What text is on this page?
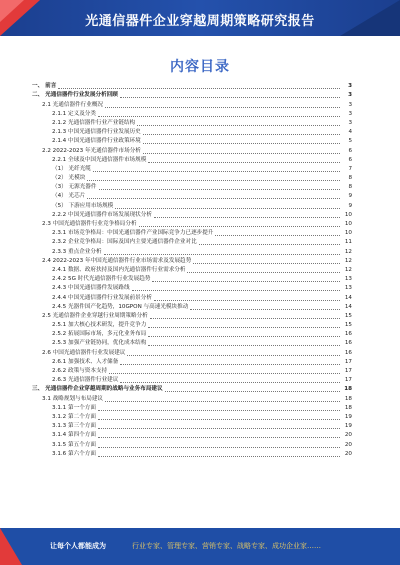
光通信器件企业穿越周期策略研究报告
内容目录
一、 前言	3
二、 光通信器件行业发展分析回顾	3
2.1 光通信器件行业概况	3
2.1.1 定义及分类	3
2.1.2 光通信器件行业产业链结构	3
2.1.3 中国光通信器件行业发展历史	4
2.1.4 中国光通信器件行业政策环境	5
2.2 2022-2023 年光通信器件市场分析	6
2.2.1 全球及中国光通信器件市场规模	6
（1） 光纤光缆	7
（2） 光模块	8
（3） 无源光器件	8
（4） 光芯片	9
（5） 下游应用市场规模	9
2.2.2 中国光通信器件市场发展现状分析	10
2.3 中国光通信器件行业竞争格局分析	10
2.3.1 市场竞争格局：中国光通信器件产业国际竞争力已逐步提升	10
2.3.2 企业竞争格局：国际及国内主要光通信器件企业对比	11
2.3.3 重点企业分析	12
2.4 2022-2023 年中国光通信器件行业市场需求及发展趋势	12
2.4.1 数据、政府扶持及国内光通信器件行业需求分析	12
2.4.2 5G 时代光通信器件行业发展趋势	13
2.4.3 中国光通信器件发展路线	13
2.4.4 中国光通信器件行业发展前景分析	14
2.4.5 光器件国产化趋势，10GPON 与高速光模块推动	14
2.5 光通信器件企业穿越行业周期策略分析	15
2.5.1 加大核心技术研发，提升竞争力	15
2.5.2 拓展国际市场，多元化业务布局	16
2.5.3 加强产业链协同，优化成本结构	16
2.6 中国光通信器件行业发展建议	16
2.6.1 加强技术、人才储备	17
2.6.2 政策与资本支持	17
2.6.3 光通信器件行业建议	17
三、 光通信器件企业穿越周期的战略与业务布局建议	18
3.1 战略规划与布局建议	18
3.1.1 第一个方面	18
3.1.2 第二个方面	19
3.1.3 第三个方面	19
3.1.4 第四个方面	20
3.1.5 第五个方面	20
3.1.6 第六个方面	20
让每个人都能成为	行业专家、管理专家、营销专家、战略专家、成功企业家……
